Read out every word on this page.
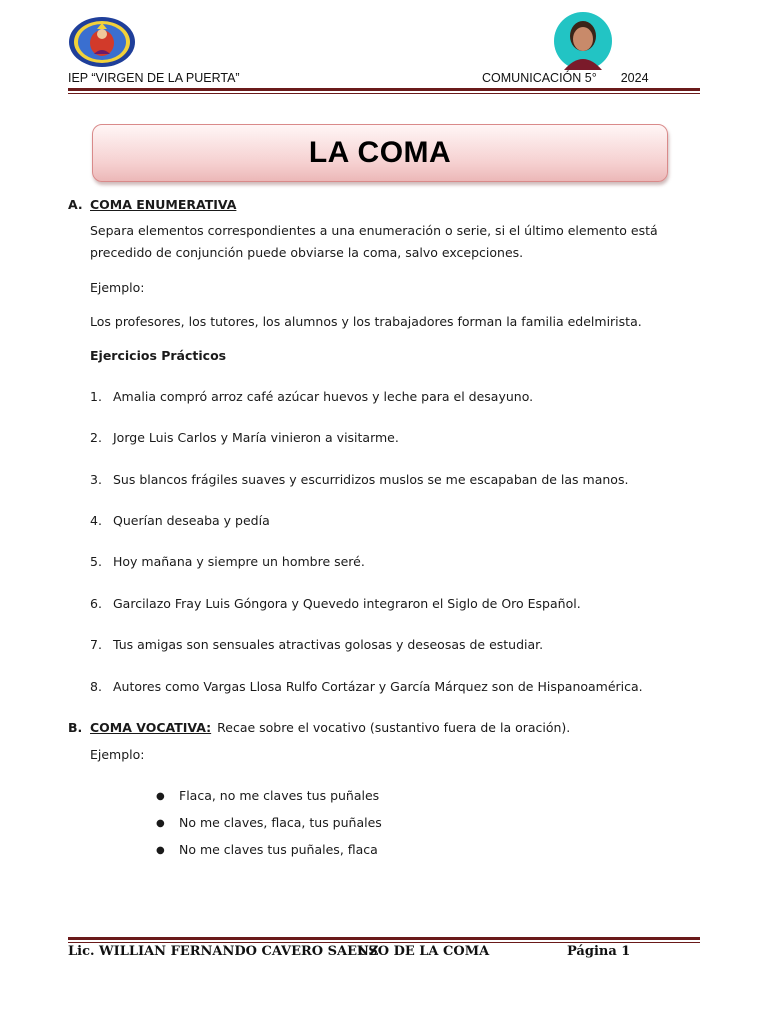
IEP “VIRGEN DE LA PUERTA”	COMUNICACIÓN 5° 2024
LA COMA
A. COMA ENUMERATIVA
Separa elementos correspondientes a una enumeración o serie, si el último elemento está precedido de conjunción puede obviarse la coma, salvo excepciones.
Ejemplo:
Los profesores, los tutores, los alumnos y los trabajadores forman la familia edelmirista.
Ejercicios Prácticos
1. Amalia compró arroz café azúcar huevos y leche para el desayuno.
2. Jorge Luis Carlos y María vinieron a visitarme.
3. Sus blancos frágiles suaves y escurridizos muslos se me escapaban de las manos.
4. Querían deseaba y pedía
5. Hoy mañana y siempre un hombre seré.
6. Garcilazo Fray Luis Góngora y Quevedo integraron el Siglo de Oro Español.
7. Tus amigas son sensuales atractivas golosas y deseosas de estudiar.
8. Autores como Vargas Llosa Rulfo Cortázar y García Márquez son de Hispanoamérica.
B. COMA VOCATIVA: Recae sobre el vocativo (sustantivo fuera de la oración).
Ejemplo:
● Flaca, no me claves tus puñales
● No me claves, flaca, tus puñales
● No me claves tus puñales, flaca
Lic. WILLIAN FERNANDO CAVERO SAENZ
USO DE LA COMA	Página 1
